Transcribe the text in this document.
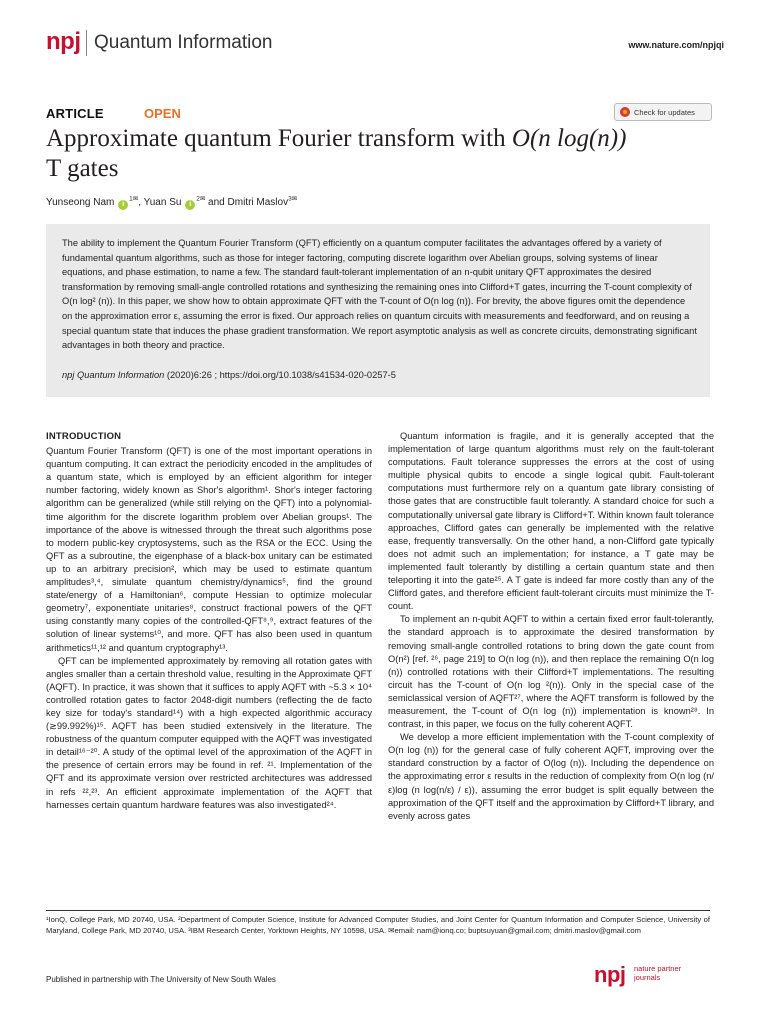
npj Quantum Information	www.nature.com/npjqi
ARTICLE	OPEN	Check for updates
Approximate quantum Fourier transform with O(n log(n))
T gates
Yunseong Nam $i^{1✉}$, Yuan Su $i^{2✉}$ and Dmitri Maslov$^{3✉}$
The ability to implement the Quantum Fourier Transform (QFT) efficiently on a quantum computer facilitates the advantages offered by a variety of fundamental quantum algorithms, such as those for integer factoring, computing discrete logarithm over Abelian groups, solving systems of linear equations, and phase estimation, to name a few. The standard fault-tolerant implementation of an n-qubit unitary QFT approximates the desired transformation by removing small-angle controlled rotations and synthesizing the remaining ones into Clifford+T gates, incurring the T-count complexity of O(n log² (n)). In this paper, we show how to obtain approximate QFT with the T-count of O(n log (n)). For brevity, the above figures omit the dependence on the approximation error ε, assuming the error is fixed. Our approach relies on quantum circuits with measurements and feedforward, and on reusing a special quantum state that induces the phase gradient transformation. We report asymptotic analysis as well as concrete circuits, demonstrating significant advantages in both theory and practice.
npj Quantum Information (2020)6:26 ; https://doi.org/10.1038/s41534-020-0257-5
INTRODUCTION

Quantum Fourier Transform (QFT) is one of the most important operations in quantum computing. It can extract the periodicity encoded in the amplitudes of a quantum state, which is employed by an efficient algorithm for integer number factoring, widely known as Shor's algorithm¹. Shor's integer factoring algorithm can be generalized (while still relying on the QFT) into a polynomial-time algorithm for the discrete logarithm problem over Abelian groups¹. The importance of the above is witnessed through the threat such algorithms pose to modern public-key cryptosystems, such as the RSA or the ECC. Using the QFT as a subroutine, the eigenphase of a black-box unitary can be estimated up to an arbitrary precision², which may be used to estimate quantum amplitudes³,⁴, simulate quantum chemistry/dynamics⁵, find the ground state/energy of a Hamiltonian⁶, compute Hessian to optimize molecular geometry⁷, exponentiate unitaries⁸, construct fractional powers of the QFT using constantly many copies of the controlled-QFT⁸,⁹, extract features of the solution of linear systems¹⁰, and more. QFT has also been used in quantum arithmetics¹¹,¹² and quantum cryptography¹³.

QFT can be implemented approximately by removing all rotation gates with angles smaller than a certain threshold value, resulting in the Approximate QFT (AQFT). In practice, it was shown that it suffices to apply AQFT with ~5.3 × 10⁴ controlled rotation gates to factor 2048-digit numbers (reflecting the de facto key size for today's standard¹⁴) with a high expected algorithmic accuracy (≳99.992%)¹⁵. AQFT has been studied extensively in the literature. The robustness of the quantum computer equipped with the AQFT was investigated in detail¹⁶⁻²⁰. A study of the optimal level of the approximation of the AQFT in the presence of certain errors may be found in ref. ²¹. Implementation of the QFT and its approximate version over restricted architectures was addressed in refs ²²,²³. An efficient approximate implementation of the AQFT that harnesses certain quantum hardware features was also investigated²⁴.

Quantum information is fragile, and it is generally accepted that the implementation of large quantum algorithms must rely on the fault-tolerant computations. Fault tolerance suppresses the errors at the cost of using multiple physical qubits to encode a single logical qubit. Fault-tolerant computations must furthermore rely on a quantum gate library consisting of those gates that are constructible fault tolerantly. A standard choice for such a computationally universal gate library is Clifford+T. Within known fault tolerance approaches, Clifford gates can generally be implemented with the relative ease, frequently transversally. On the other hand, a non-Clifford gate typically does not admit such an implementation; for instance, a T gate may be implemented fault tolerantly by distilling a certain quantum state and then teleporting it into the gate²⁵. A T gate is indeed far more costly than any of the Clifford gates, and therefore efficient fault-tolerant circuits must minimize the T-count.

To implement an n-qubit AQFT to within a certain fixed error fault-tolerantly, the standard approach is to approximate the desired transformation by removing small-angle controlled rotations to bring down the gate count from O(n²) [ref. ²⁶, page 219] to O(n log (n)), and then replace the remaining O(n log (n)) controlled rotations with their Clifford+T implementations. The resulting circuit has the T-count of O(n log ²(n)). Only in the special case of the semiclassical version of AQFT²⁷, where the AQFT transform is followed by the measurement, the T-count of O(n log (n)) implementation is known²⁸. In contrast, in this paper, we focus on the fully coherent AQFT.

We develop a more efficient implementation with the T-count complexity of O(n log (n)) for the general case of fully coherent AQFT, improving over the standard construction by a factor of O(log (n)). Including the dependence on the approximating error ε results in the reduction of complexity from O(n log (n/ε)log (n log(n/ε) / ε)), assuming the error budget is split equally between the approximation of the QFT itself and the approximation by Clifford+T library, and evenly across gates

¹IonQ, College Park, MD 20740, USA. ²Department of Computer Science, Institute for Advanced Computer Studies, and Joint Center for Quantum Information and Computer Science, University of Maryland, College Park, MD 20740, USA. ³IBM Research Center, Yorktown Heights, NY 10598, USA. ✉email: nam@ionq.co; buptsuyuan@gmail.com; dmitri.maslov@gmail.com
Published in partnership with The University of New South Wales	npj nature partner
journals
